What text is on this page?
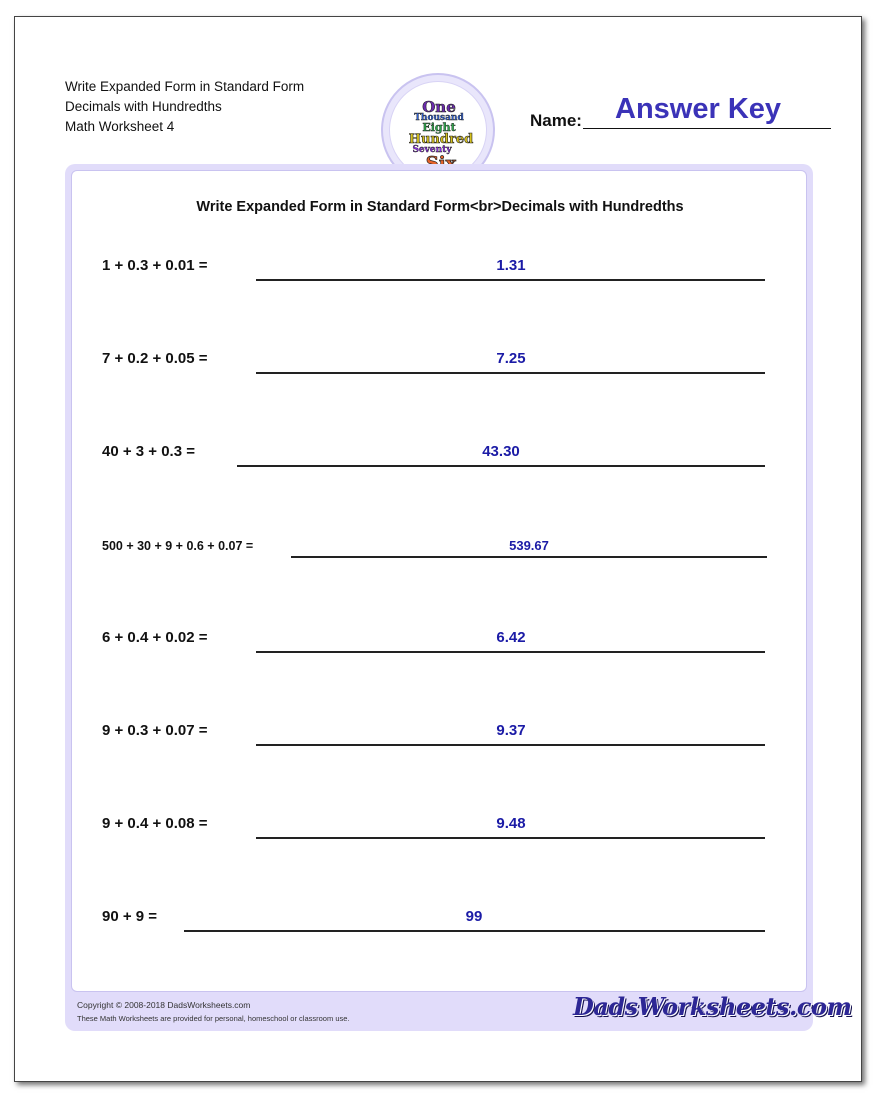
Write Expanded Form in Standard Form
Decimals with Hundredths
Math Worksheet 4
One
Thousand
Eight
Hundred
Seventy
Answer Key
Name:
Write Expanded Form in Standard Form<br>Decimals with Hundredths
1 + 0.3 + 0.01 =	1.31
7 + 0.2 + 0.05 =	7.25
40 + 3 + 0.3 =	43.30
500 + 30 + 9 + 0.6 + 0.07 =	539.67
6 + 0.4 + 0.02 =	6.42
9 + 0.3 + 0.07 =	9.37
9 + 0.4 + 0.08 =	9.48
90 + 9 =	99
Copyright © 2008-2018 DadsWorksheets.com
These Math Worksheets are provided for personal, homeschool or classroom use.	DadsWorksheets.com
